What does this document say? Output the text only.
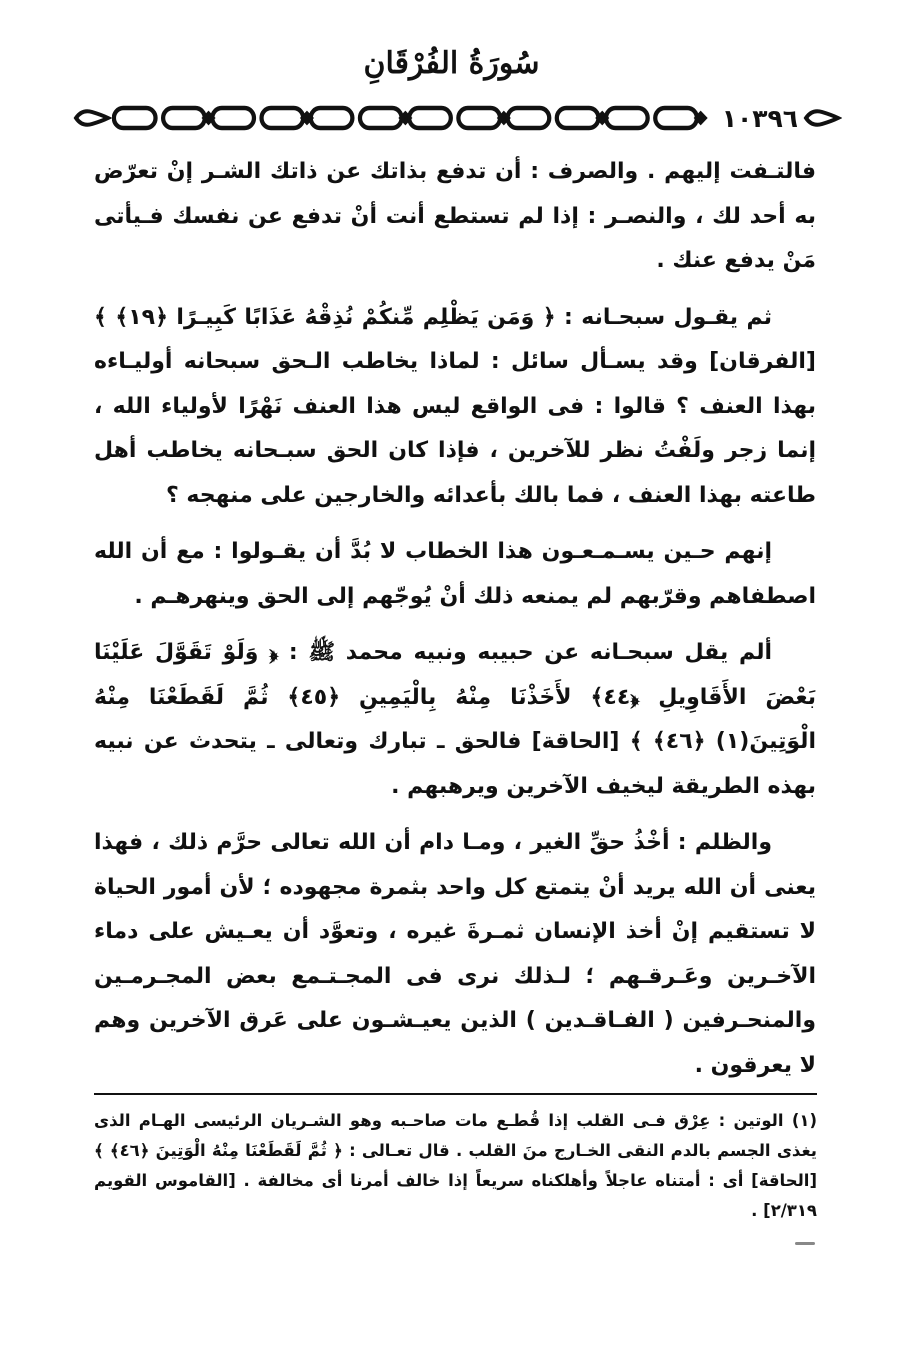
سُورَةُ الفُرْقَانِ
١٠٣٩٦

فالتـفت إليهم . والصرف : أن تدفع بذاتك عن ذاتك الشـر إنْ تعرّض به أحد لك ، والنصـر : إذا لم تستطع أنت أنْ تدفع عن نفسك فـيأتى مَنْ يدفع عنك .

ثم يقـول سبحـانه : ﴿ وَمَن يَظْلِم مِّنكُمْ نُذِقْهُ عَذَابًا كَبِيـرًا ﴿١٩﴾ ﴾ [الفرقان] وقد يسـأل سائل : لماذا يخاطب الـحق سبحانه أوليـاءه بهذا العنف ؟ قالوا : فى الواقع ليس هذا العنف نَهْرًا لأولياء الله ، إنما زجر ولَفْتُ نظر للآخرين ، فإذا كان الحق سبـحانه يخاطب أهل طاعته بهذا العنف ، فما بالك بأعدائه والخارجين على منهجه ؟

إنهم حـين يسـمـعـون هذا الخطاب لا بُدَّ أن يقـولوا : مع أن الله اصطفاهم وقرّبهم لم يمنعه ذلك أنْ يُوجّهم إلى الحق وينهرهـم .

ألم يقل سبحـانه عن حبيبه ونبيه محمد ﷺ : ﴿ وَلَوْ تَقَوَّلَ عَلَيْنَا بَعْضَ الأَقَاوِيلِ ﴿٤٤﴾ لأَخَذْنَا مِنْهُ بِالْيَمِينِ ﴿٤٥﴾ ثُمَّ لَقَطَعْنَا مِنْهُ الْوَتِينَ(١) ﴿٤٦﴾ ﴾ [الحاقة] فالحق ـ تبارك وتعالى ـ يتحدث عن نبيه بهذه الطريقة ليخيف الآخرين ويرهبهم .

والظلم : أخْذُ حقِّ الغير ، ومـا دام أن الله تعالى حرَّم ذلك ، فهذا يعنى أن الله يريد أنْ يتمتع كل واحد بثمرة مجهوده ؛ لأن أمور الحياة لا تستقيم إنْ أخذ الإنسان ثمـرةَ غيره ، وتعوَّد أن يعـيش على دماء الآخـرين وعَـرقـهم ؛ لـذلك نرى فى المجـتـمع بعض المجـرمـين والمنحـرفين ( الفـاقـدين ) الذين يعيـشـون على عَرق الآخرين وهم لا يعرقون .

(١) الوتين : عِرْق فـى القلب إذا قُطـع مات صاحـبه وهو الشـريان الرئيسى الهـام الذى يغذى الجسم بالدم النقى الخـارج منَ القلب . قال تعـالى : ﴿ ثُمَّ لَقَطَعْنَا مِنْهُ الْوَتِينَ ﴿٤٦﴾ ﴾ [الحاقة] أى : أمتناه عاجلاً وأهلكناه سريعاً إذا خالف أمرنا أى مخالفة . [القاموس القويم ٢/٣١٩] .
